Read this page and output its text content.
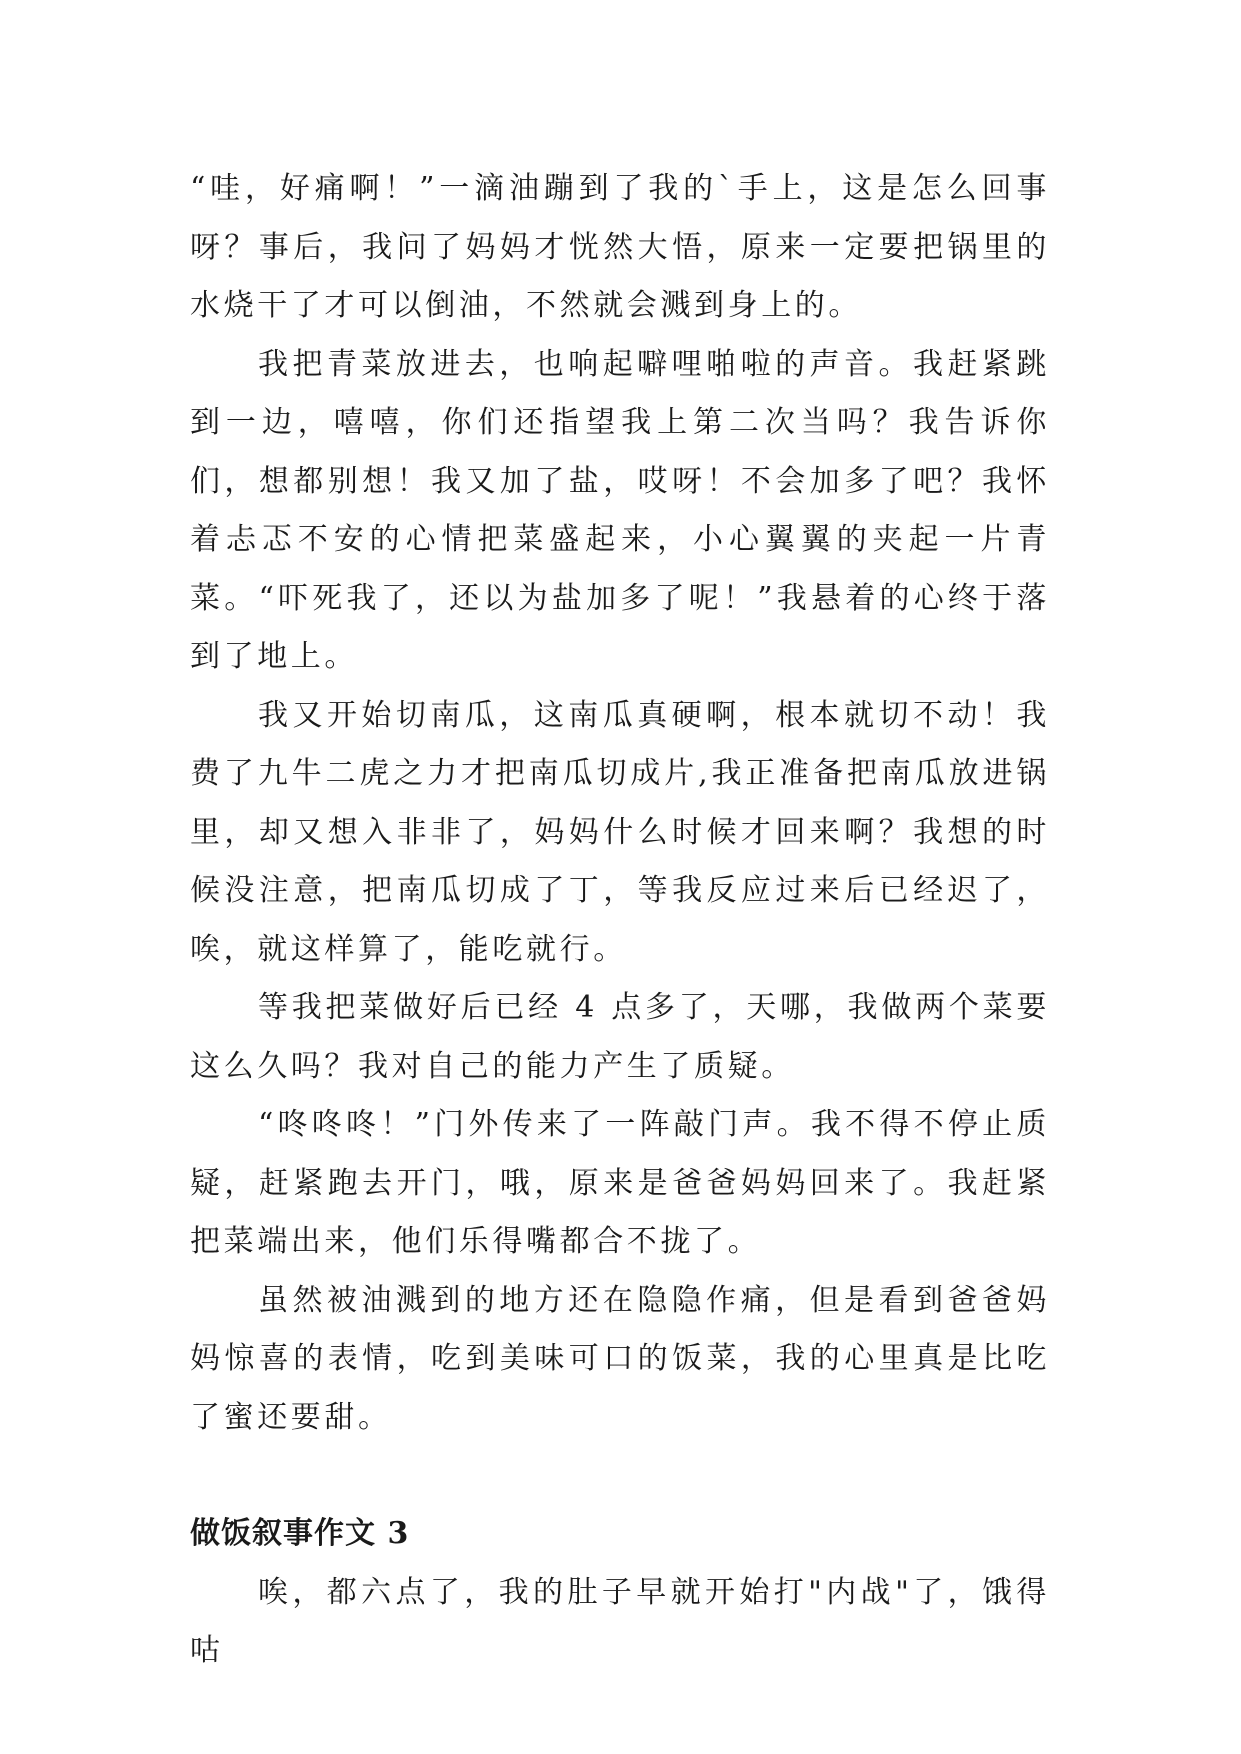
“哇，好痛啊！”一滴油蹦到了我的`手上，这是怎么回事呀？事后，我问了妈妈才恍然大悟，原来一定要把锅里的水烧干了才可以倒油，不然就会溅到身上的。

我把青菜放进去，也响起噼哩啪啦的声音。我赶紧跳到一边，嘻嘻，你们还指望我上第二次当吗？我告诉你们，想都别想！我又加了盐，哎呀！不会加多了吧？我怀着忐忑不安的心情把菜盛起来，小心翼翼的夹起一片青菜。“吓死我了，还以为盐加多了呢！”我悬着的心终于落到了地上。

我又开始切南瓜，这南瓜真硬啊，根本就切不动！我费了九牛二虎之力才把南瓜切成片,我正准备把南瓜放进锅里，却又想入非非了，妈妈什么时候才回来啊？我想的时候没注意，把南瓜切成了丁，等我反应过来后已经迟了，唉，就这样算了，能吃就行。

等我把菜做好后已经 4 点多了，天哪，我做两个菜要这么久吗？我对自己的能力产生了质疑。

“咚咚咚！”门外传来了一阵敲门声。我不得不停止质疑，赶紧跑去开门，哦，原来是爸爸妈妈回来了。我赶紧把菜端出来，他们乐得嘴都合不拢了。

虽然被油溅到的地方还在隐隐作痛，但是看到爸爸妈妈惊喜的表情，吃到美味可口的饭菜，我的心里真是比吃了蜜还要甜。

做饭叙事作文 3

唉，都六点了，我的肚子早就开始打"内战"了，饿得咕
